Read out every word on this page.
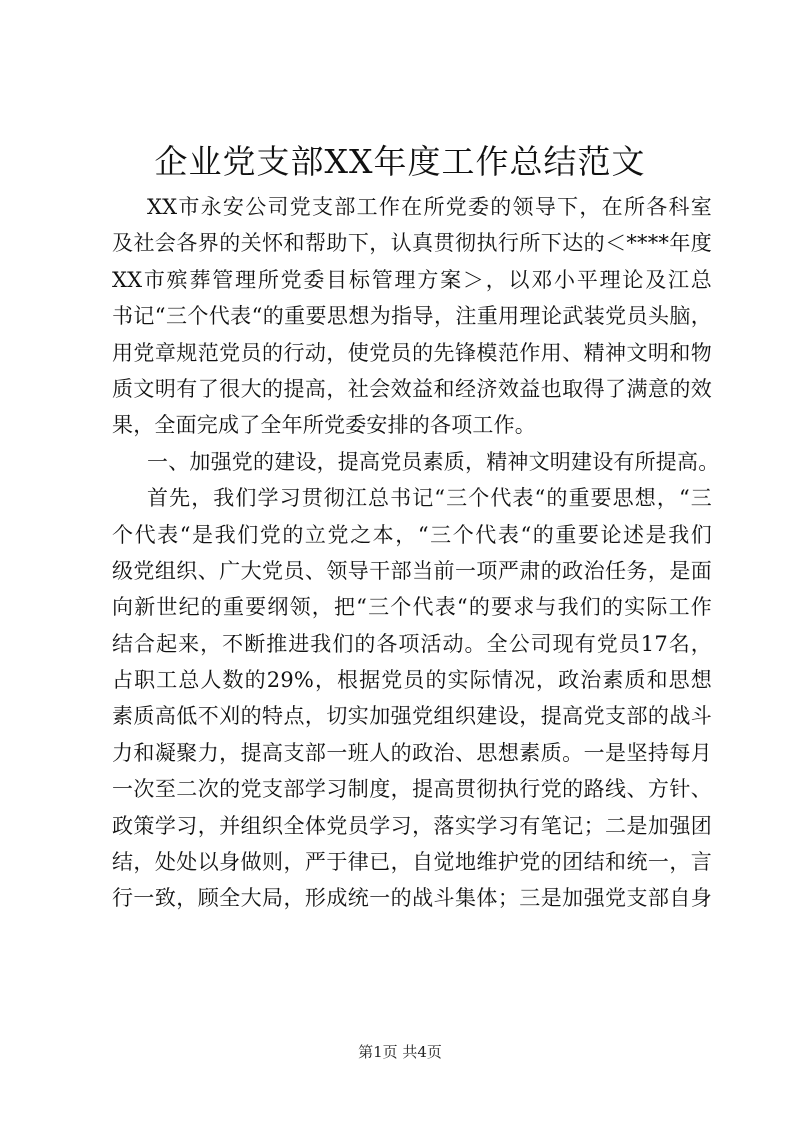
企业党支部XX年度工作总结范文
XX市永安公司党支部工作在所党委的领导下，在所各科室
及社会各界的关怀和帮助下，认真贯彻执行所下达的＜****年度
XX市殡葬管理所党委目标管理方案＞，以邓小平理论及江总
书记“三个代表“的重要思想为指导，注重用理论武装党员头脑，
用党章规范党员的行动，使党员的先锋模范作用、精神文明和物
质文明有了很大的提高，社会效益和经济效益也取得了满意的效
果，全面完成了全年所党委安排的各项工作。
一、加强党的建设，提高党员素质，精神文明建设有所提高。
首先，我们学习贯彻江总书记“三个代表“的重要思想，“三
个代表“是我们党的立党之本，“三个代表“的重要论述是我们
级党组织、广大党员、领导干部当前一项严肃的政治任务，是面
向新世纪的重要纲领，把“三个代表“的要求与我们的实际工作
结合起来，不断推进我们的各项活动。全公司现有党员17名，
占职工总人数的29%，根据党员的实际情况，政治素质和思想
素质高低不刈的特点，切实加强党组织建设，提高党支部的战斗
力和凝聚力，提高支部一班人的政治、思想素质。一是坚持每月
一次至二次的党支部学习制度，提高贯彻执行党的路线、方针、
政策学习，并组织全体党员学习，落实学习有笔记；二是加强团
结，处处以身做则，严于律已，自觉地维护党的团结和统一，言
行一致，顾全大局，形成统一的战斗集体；三是加强党支部自身
第1页 共4页
